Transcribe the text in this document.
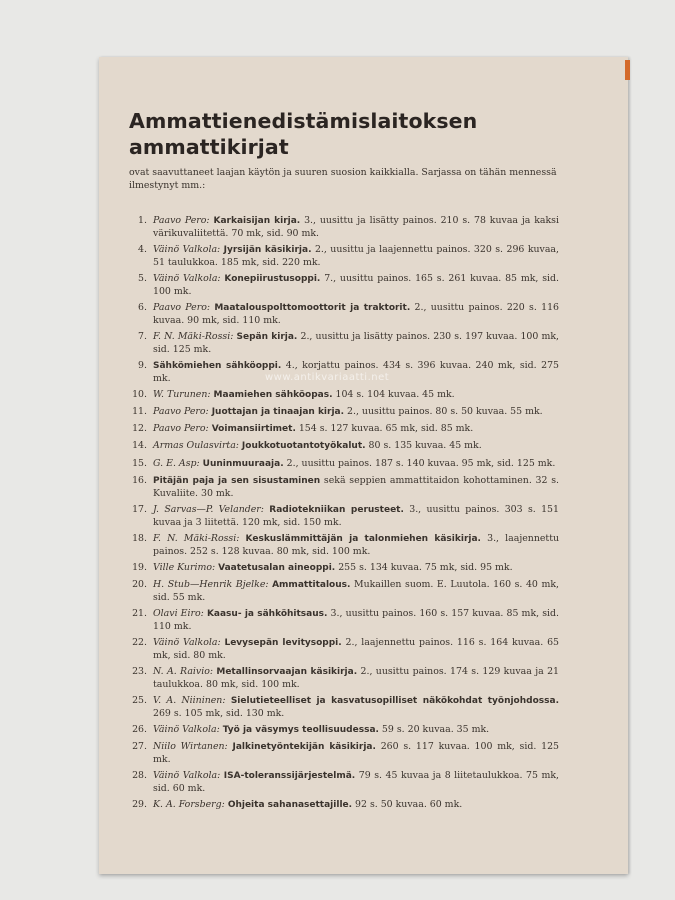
Ammattienedistämislaitoksen
ammattikirjat
ovat saavuttaneet laajan käytön ja suuren suosion kaikkialla. Sarjassa on tähän mennessä ilmestynyt mm.:
1. Paavo Pero: Karkaisijan kirja. 3., uusittu ja lisätty painos. 210 s. 78 kuvaa ja kaksi värikuvaliitettä. 70 mk, sid. 90 mk.
4. Väinö Valkola: Jyrsijän käsikirja. 2., uusittu ja laajennettu painos. 320 s. 296 kuvaa, 51 taulukkoa. 185 mk, sid. 220 mk.
5. Väinö Valkola: Konepiirustusoppi. 7., uusittu painos. 165 s. 261 kuvaa. 85 mk, sid. 100 mk.
6. Paavo Pero: Maatalouspolttomoottorit ja traktorit. 2., uusittu painos. 220 s. 116 kuvaa. 90 mk, sid. 110 mk.
7. F. N. Mäki-Rossi: Sepän kirja. 2., uusittu ja lisätty painos. 230 s. 197 kuvaa. 100 mk, sid. 125 mk.
9. Sähkömiehen sähköoppi. 4., korjattu painos. 434 s. 396 kuvaa. 240 mk, sid. 275 mk.
10. W. Turunen: Maamiehen sähköopas. 104 s. 104 kuvaa. 45 mk.
11. Paavo Pero: Juottajan ja tinaajan kirja. 2., uusittu painos. 80 s. 50 kuvaa. 55 mk.
12. Paavo Pero: Voimansiirtimet. 154 s. 127 kuvaa. 65 mk, sid. 85 mk.
14. Armas Oulasvirta: Joukkotuotantotyökalut. 80 s. 135 kuvaa. 45 mk.
15. G. E. Asp: Uuninmuuraaja. 2., uusittu painos. 187 s. 140 kuvaa. 95 mk, sid. 125 mk.
16. Pitäjän paja ja sen sisustaminen sekä seppien ammattitaidon kohottaminen. 32 s. Kuvaliite. 30 mk.
17. J. Sarvas—P. Velander: Radiotekniikan perusteet. 3., uusittu painos. 303 s. 151 kuvaa ja 3 liitettä. 120 mk, sid. 150 mk.
18. F. N. Mäki-Rossi: Keskuslämmittäjän ja talonmiehen käsikirja. 3., laajennettu painos. 252 s. 128 kuvaa. 80 mk, sid. 100 mk.
19. Ville Kurimo: Vaatetusalan aineoppi. 255 s. 134 kuvaa. 75 mk, sid. 95 mk.
20. H. Stub—Henrik Bjelke: Ammattitalous. Mukaillen suom. E. Luutola. 160 s. 40 mk, sid. 55 mk.
21. Olavi Eiro: Kaasu- ja sähköhitsaus. 3., uusittu painos. 160 s. 157 kuvaa. 85 mk, sid. 110 mk.
22. Väinö Valkola: Levysepän levitysoppi. 2., laajennettu painos. 116 s. 164 kuvaa. 65 mk, sid. 80 mk.
23. N. A. Raivio: Metallinsorvaajan käsikirja. 2., uusittu painos. 174 s. 129 kuvaa ja 21 taulukkoa. 80 mk, sid. 100 mk.
25. V. A. Niininen: Sielutieteelliset ja kasvatusopilliset näkökohdat työnjohdossa. 269 s. 105 mk, sid. 130 mk.
26. Väinö Valkola: Työ ja väsymys teollisuudessa. 59 s. 20 kuvaa. 35 mk.
27. Niilo Wirtanen: Jalkinetyöntekijän käsikirja. 260 s. 117 kuvaa. 100 mk, sid. 125 mk.
28. Väinö Valkola: ISA-toleranssijärjestelmä. 79 s. 45 kuvaa ja 8 liitetaulukkoa. 75 mk, sid. 60 mk.
29. K. A. Forsberg: Ohjeita sahanasettajille. 92 s. 50 kuvaa. 60 mk.
www.antikvariaatti.net
